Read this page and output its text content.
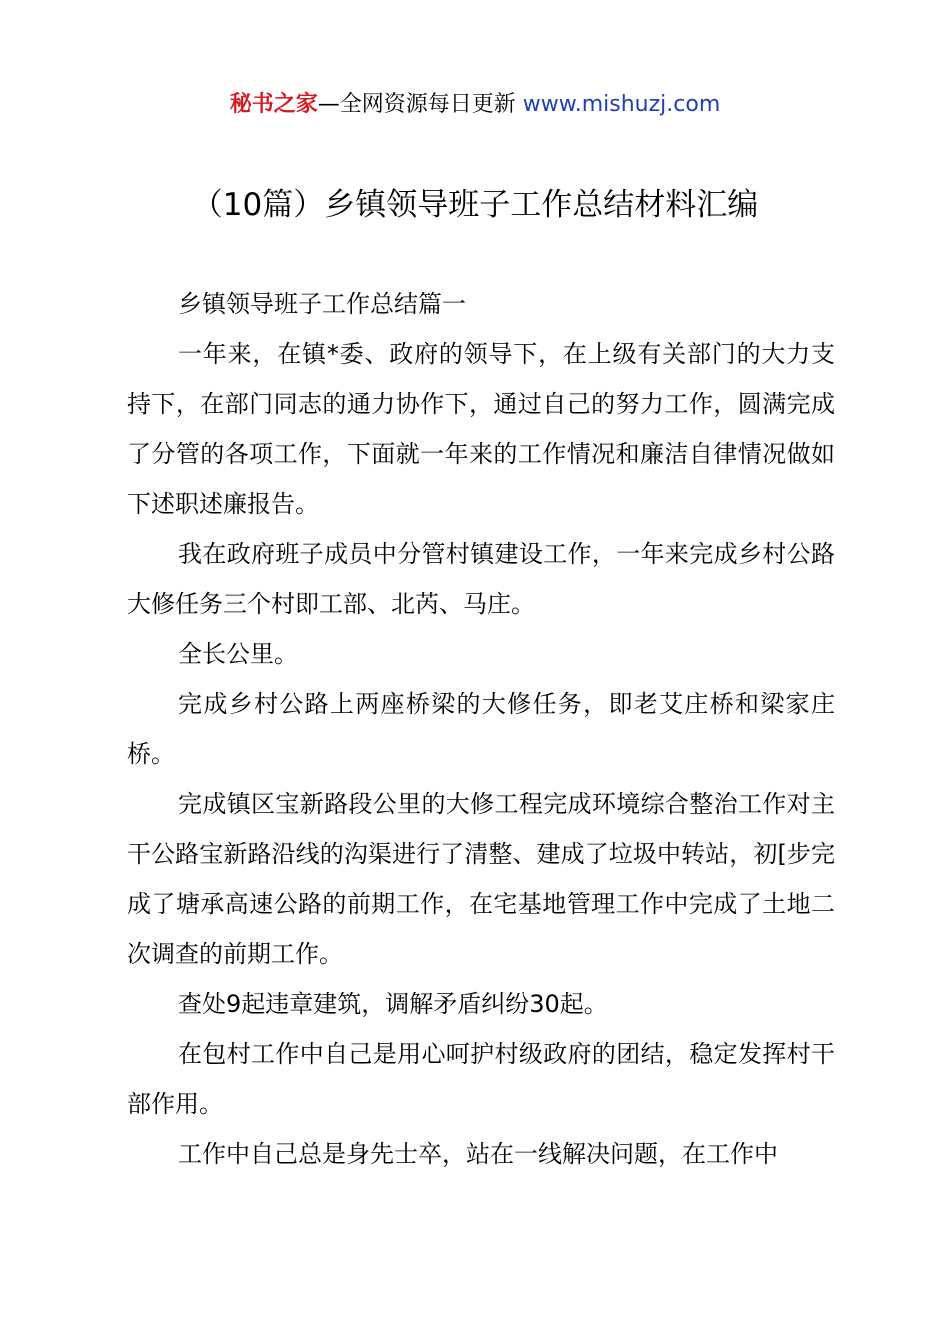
秘书之家—全网资源每日更新 www.mishuzj.com
（10篇）乡镇领导班子工作总结材料汇编

乡镇领导班子工作总结篇一

一年来，在镇*委、政府的领导下，在上级有关部门的大力支持下，在部门同志的通力协作下，通过自己的努力工作，圆满完成了分管的各项工作，下面就一年来的工作情况和廉洁自律情况做如下述职述廉报告。

我在政府班子成员中分管村镇建设工作，一年来完成乡村公路大修任务三个村即工部、北芮、马庄。

全长公里。

完成乡村公路上两座桥梁的大修任务，即老艾庄桥和梁家庄桥。

完成镇区宝新路段公里的大修工程完成环境综合整治工作对主干公路宝新路沿线的沟渠进行了清整、建成了垃圾中转站，初[步完成了塘承高速公路的前期工作，在宅基地管理工作中完成了土地二次调查的前期工作。

查处9起违章建筑，调解矛盾纠纷30起。

在包村工作中自己是用心呵护村级政府的团结，稳定发挥村干部作用。

工作中自己总是身先士卒，站在一线解决问题，在工作中
